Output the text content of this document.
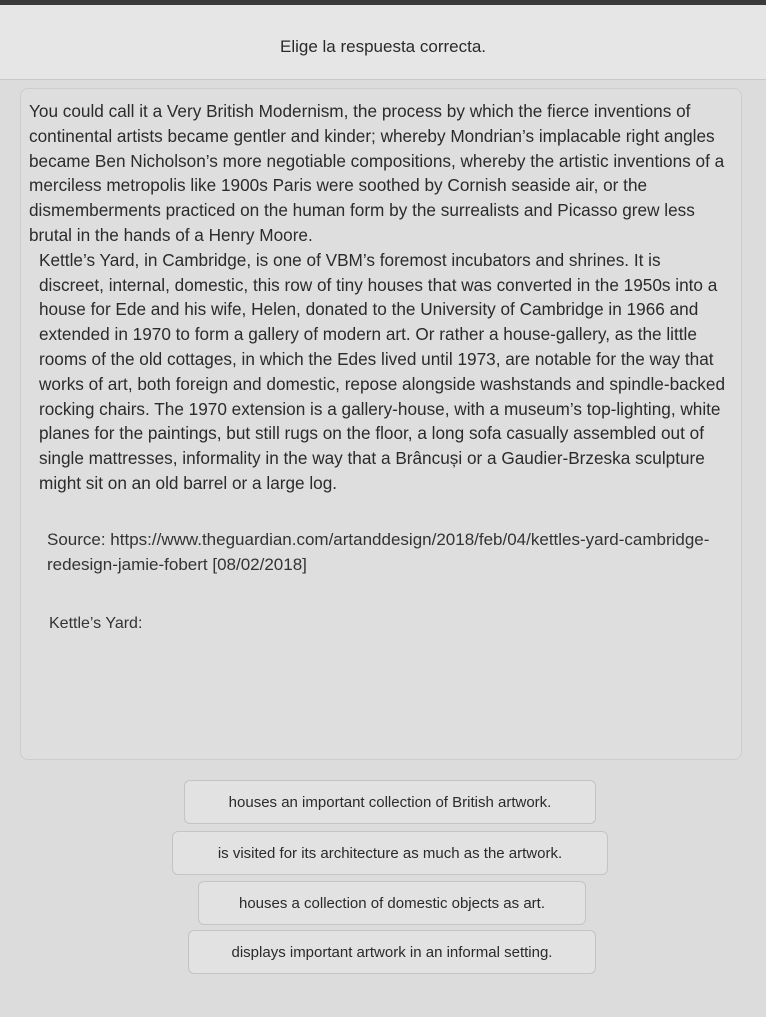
Elige la respuesta correcta.

You could call it a Very British Modernism, the process by which the fierce inventions of continental artists became gentler and kinder; whereby Mondrian’s implacable right angles became Ben Nicholson’s more negotiable compositions, whereby the artistic inventions of a merciless metropolis like 1900s Paris were soothed by Cornish seaside air, or the dismemberments practiced on the human form by the surrealists and Picasso grew less brutal in the hands of a Henry Moore.

Kettle’s Yard, in Cambridge, is one of VBM’s foremost incubators and shrines. It is discreet, internal, domestic, this row of tiny houses that was converted in the 1950s into a house for Ede and his wife, Helen, donated to the University of Cambridge in 1966 and extended in 1970 to form a gallery of modern art. Or rather a house-gallery, as the little rooms of the old cottages, in which the Edes lived until 1973, are notable for the way that works of art, both foreign and domestic, repose alongside washstands and spindle-backed rocking chairs. The 1970 extension is a gallery-house, with a museum’s top-lighting, white planes for the paintings, but still rugs on the floor, a long sofa casually assembled out of single mattresses, informality in the way that a Brâncuși or a Gaudier-Brzeska sculpture might sit on an old barrel or a large log.

Source: https://www.theguardian.com/artanddesign/2018/feb/04/kettles-yard-cambridge-redesign-jamie-fobert [08/02/2018]

Kettle’s Yard:

houses an important collection of British artwork.
is visited for its architecture as much as the artwork.
houses a collection of domestic objects as art.
displays important artwork in an informal setting.
